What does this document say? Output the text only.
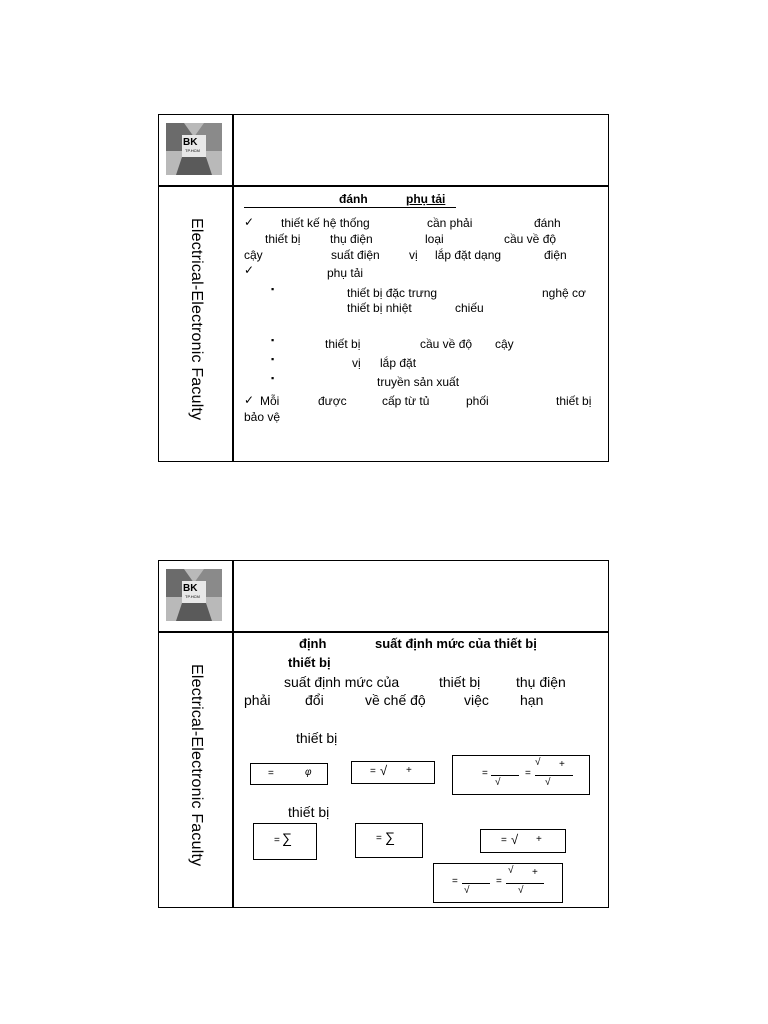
BK
TP.HCM
Electrical-Electronic Faculty
đánh	phụ tải
✓ thiết kế hệ thống	cần phải	đánh
thiết bị thụ điện	loại	cầu về độ
cậy	suất điện vị lắp đặt dạng	điện
✓	phụ tải
▪	thiết bị đặc trưng	nghệ cơ
thiết bị nhiệt	chiếu
▪	thiết bị	cầu về độ cậy
▪	vị lắp đặt
▪	truyền sản xuất
✓ Mỗi	được	cấp từ tủ	phối	thiết bị
bảo vệ
BK
TP.HCM
Electrical-Electronic Faculty
định	suất định mức của thiết bị
thiết bị
suất định mức của	thiết bị	thụ điện
phải đổi	về chế độ	việc hạn
thiết bị
=	φ	= √ +	=
√
=
√ +
√
thiết bị
= ∑	= ∑	= √ +
=
√
=
√ +
√
